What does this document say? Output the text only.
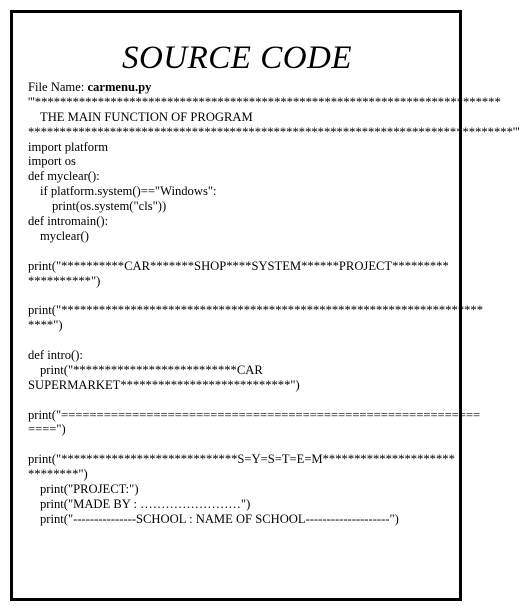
SOURCE CODE
File Name: carmenu.py
'''**************************************************************************
THE MAIN FUNCTION OF PROGRAM
*****************************************************************************'''
import platform
import os
def myclear():
if platform.system()=="Windows":
print(os.system("cls"))
def intromain():
myclear()
print("**********CAR*******SHOP****SYSTEM******PROJECT*********
**********")
print("*******************************************************************
****")
def intro():
print("**************************CAR
SUPERMARKET***************************")
print("===========================================================
====")
print("****************************S=Y=S=T=E=M*********************
********")
print("PROJECT:")
print("MADE BY : ……………………")
print("---------------SCHOOL : NAME OF SCHOOL--------------------")
